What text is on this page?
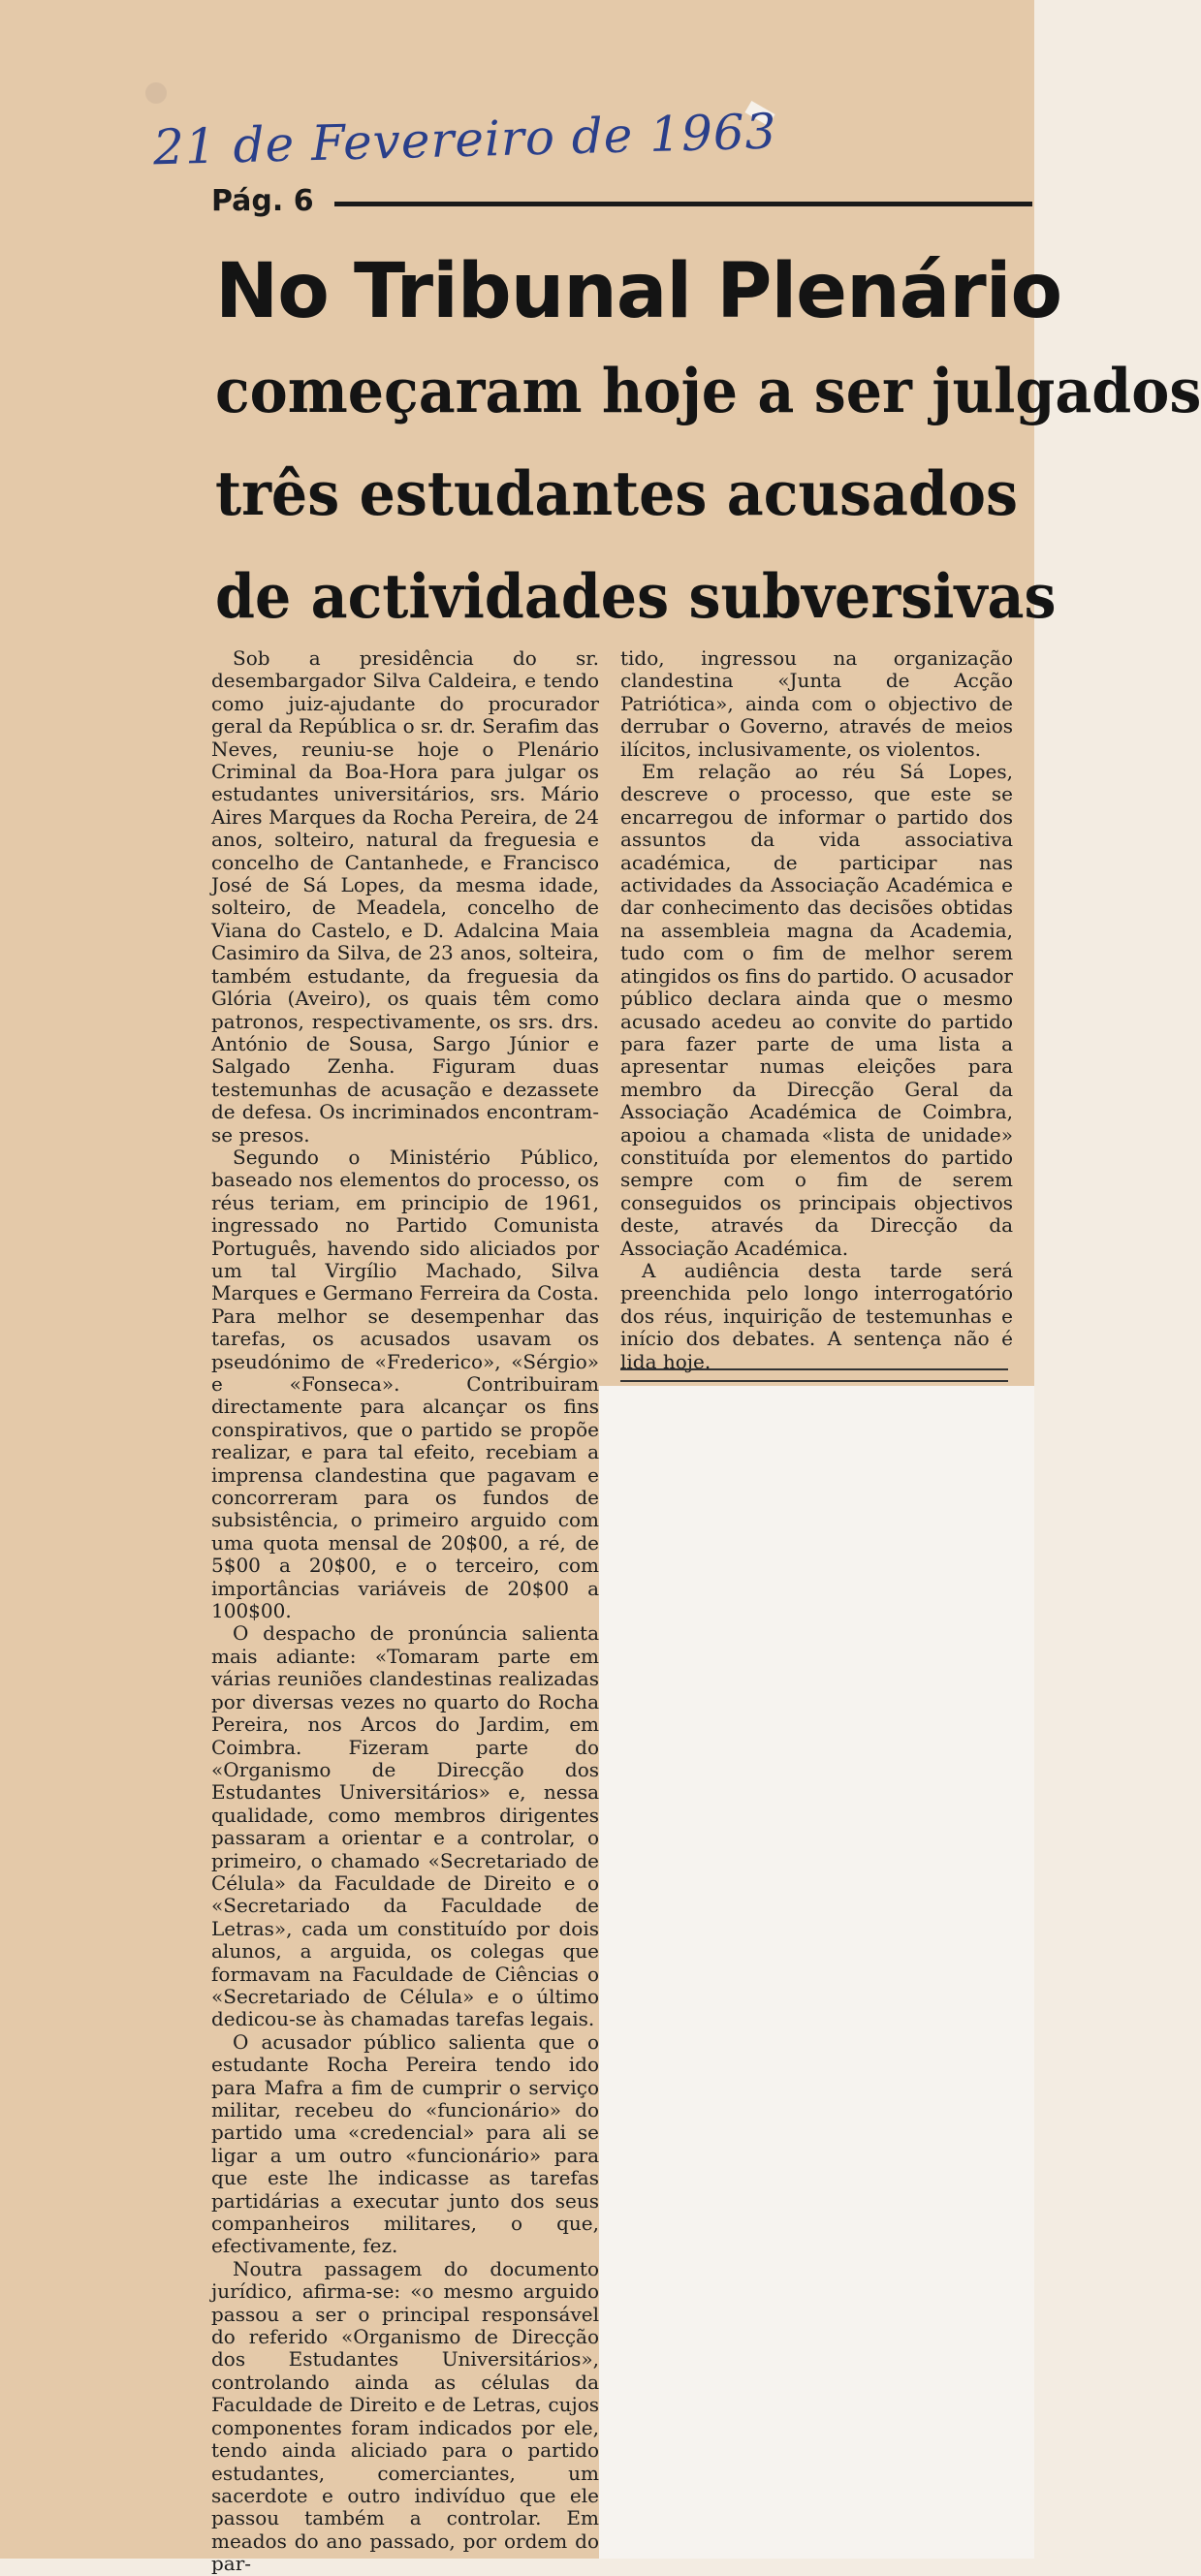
21 de Fevereiro de 1963
Pág. 6
No Tribunal Plenário
começaram hoje a ser julgados
três estudantes acusados
de actividades subversivas

Sob a presidência do sr. desembargador Silva Caldeira, e tendo como juiz-ajudante do procurador geral da República o sr. dr. Serafim das Neves, reuniu-se hoje o Plenário Criminal da Boa-Hora para julgar os estudantes universitários, srs. Mário Aires Marques da Rocha Pereira, de 24 anos, solteiro, natural da freguesia e concelho de Cantanhede, e Francisco José de Sá Lopes, da mesma idade, solteiro, de Meadela, concelho de Viana do Castelo, e D. Adalcina Maia Casimiro da Silva, de 23 anos, solteira, também estudante, da freguesia da Glória (Aveiro), os quais têm como patronos, respectivamente, os srs. drs. António de Sousa, Sargo Júnior e Salgado Zenha. Figuram duas testemunhas de acusação e dezassete de defesa. Os incriminados encontram-se presos.

Segundo o Ministério Público, baseado nos elementos do processo, os réus teriam, em principio de 1961, ingressado no Partido Comunista Português, havendo sido aliciados por um tal Virgílio Machado, Silva Marques e Germano Ferreira da Costa. Para melhor se desempenhar das tarefas, os acusados usavam os pseudónimo de «Frederico», «Sérgio» e «Fonseca». Contribuiram directamente para alcançar os fins conspirativos, que o partido se propõe realizar, e para tal efeito, recebiam a imprensa clandestina que pagavam e concorreram para os fundos de subsistência, o primeiro arguido com uma quota mensal de 20$00, a ré, de 5$00 a 20$00, e o terceiro, com importâncias variáveis de 20$00 a 100$00.

O despacho de pronúncia salienta mais adiante: «Tomaram parte em várias reuniões clandestinas realizadas por diversas vezes no quarto do Rocha Pereira, nos Arcos do Jardim, em Coimbra. Fizeram parte do «Organismo de Direcção dos Estudantes Universitários» e, nessa qualidade, como membros dirigentes passaram a orientar e a controlar, o primeiro, o chamado «Secretariado de Célula» da Faculdade de Direito e o «Secretariado da Faculdade de Letras», cada um constituído por dois alunos, a arguida, os colegas que formavam na Faculdade de Ciências o «Secretariado de Célula» e o último dedicou-se às chamadas tarefas legais.

O acusador público salienta que o estudante Rocha Pereira tendo ido para Mafra a fim de cumprir o serviço militar, recebeu do «funcionário» do partido uma «credencial» para ali se ligar a um outro «funcionário» para que este lhe indicasse as tarefas partidárias a executar junto dos seus companheiros militares, o que, efectivamente, fez.

Noutra passagem do documento jurídico, afirma-se: «o mesmo arguido passou a ser o principal responsável do referido «Organismo de Direcção dos Estudantes Universitários», controlando ainda as células da Faculdade de Direito e de Letras, cujos componentes foram indicados por ele, tendo ainda aliciado para o partido estudantes, comerciantes, um sacerdote e outro indivíduo que ele passou também a controlar. Em meados do ano passado, por ordem do par-

tido, ingressou na organização clandestina «Junta de Acção Patriótica», ainda com o objectivo de derrubar o Governo, através de meios ilícitos, inclusivamente, os violentos.

Em relação ao réu Sá Lopes, descreve o processo, que este se encarregou de informar o partido dos assuntos da vida associativa académica, de participar nas actividades da Associação Académica e dar conhecimento das decisões obtidas na assembleia magna da Academia, tudo com o fim de melhor serem atingidos os fins do partido. O acusador público declara ainda que o mesmo acusado acedeu ao convite do partido para fazer parte de uma lista a apresentar numas eleições para membro da Direcção Geral da Associação Académica de Coimbra, apoiou a chamada «lista de unidade» constituída por elementos do partido sempre com o fim de serem conseguidos os principais objectivos deste, através da Direcção da Associação Académica.

A audiência desta tarde será preenchida pelo longo interrogatório dos réus, inquirição de testemunhas e início dos debates. A sentença não é lida hoje.
